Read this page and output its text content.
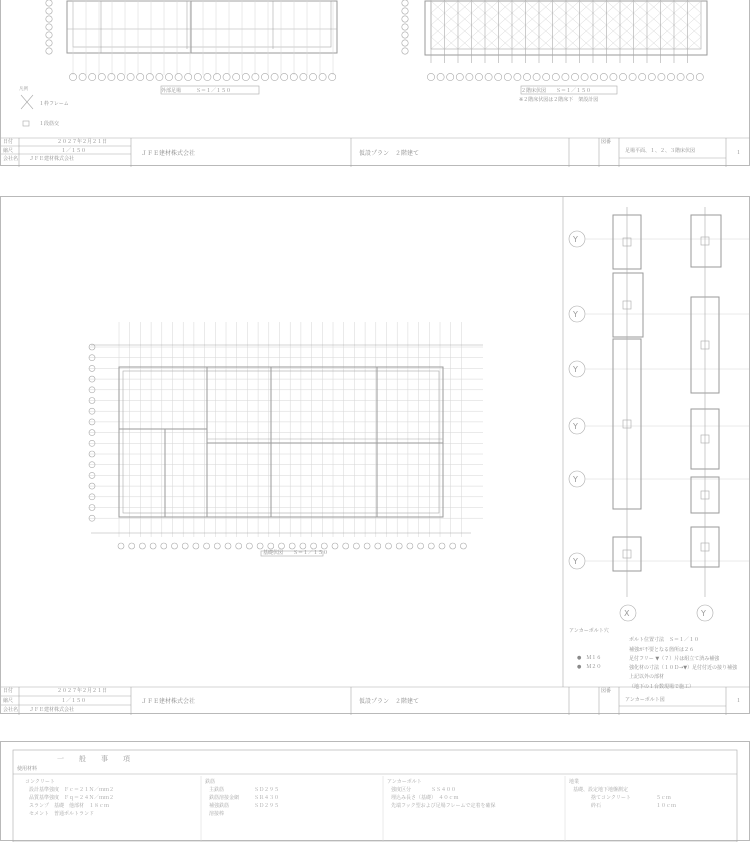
凡例	外部足場　　　Ｓ＝１／１５０	２階床伏図　　Ｓ＝１／１５０
※２階床伏図は２階床下　架設計図
１枠フレーム
１段筋交
日付	２０２７年２月２１日
縮尺	１／１５０
会社名 ＪＦＥ建材株式会社
ＪＦＥ建材株式会社	仮設プラン　２階建て	足場平面、１、２、３階床伏図
図番
１
Y
Y
Y
Y
Y
Y
X	Y
基礎伏図　　Ｓ＝１／１５０
アンカーボルト穴
ボルト位置寸法　Ｓ＝１／１０
補強が不要となる箇所は２６
足付フリー ▼（７）片は組立て済み補強
強化材の寸法（１０Ｄ→▼）足付付近の接り補強
上記以外の部材
（地下の１台数現場で施工）
●　Ｍ１６
●　Ｍ２０
日付	２０２７年２月２１日
縮尺	１／１５０
会社名 ＪＦＥ建材株式会社
ＪＦＥ建材株式会社	仮設プラン　２階建て	アンカーボルト図
図番
１
一　般　事　項
使用材料
コンクリート
設計基準強度　Ｆｃ＝２１Ｎ／ｍｍ２
品質基準強度　Ｆｑ＝２４Ｎ／ｍｍ２
スランプ　基礎　他部材　１８ｃｍ
セメント　普通ポルトランド
鉄筋
主鉄筋　　　　　　ＳＤ２９５
鉄筋溶接金網　　　ＳＲ４３０
補強鉄筋　　　　　ＳＤ２９５
溶接棒
アンカーボルト
強度区分　　　　ＳＳ４００
埋込み長さ（基礎）　４０ｃｍ
先端フック型および足場フレームで定着を確保
地業
基礎、設定地下地盤測定
捨てコンクリート　　　　　５ｃｍ
砕石　　　　　　　　　　　１０ｃｍ
